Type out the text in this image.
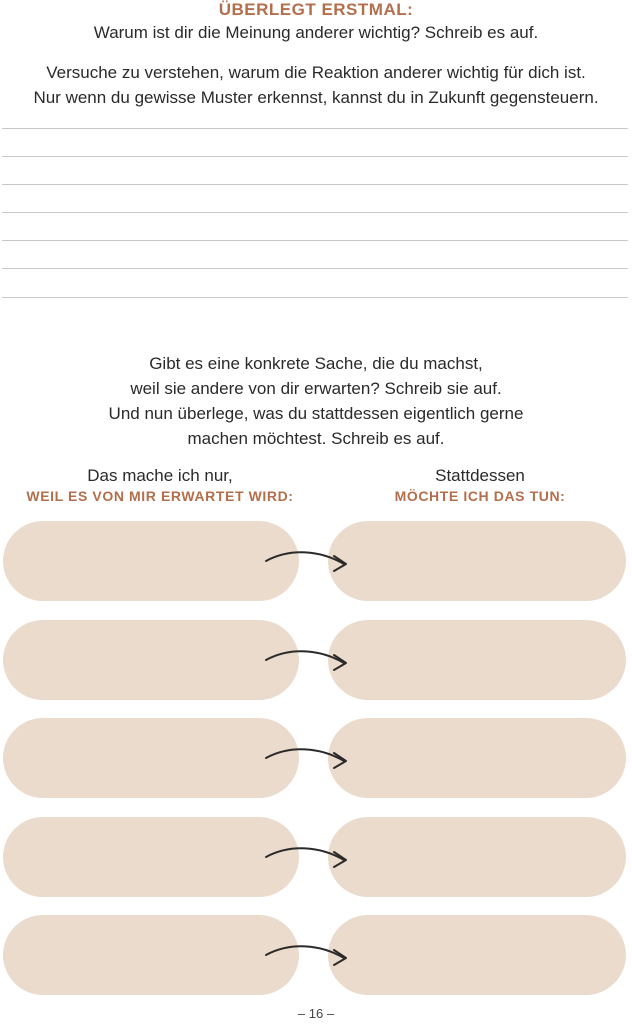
ÜBERLEGT ERSTMAL:
Warum ist dir die Meinung anderer wichtig? Schreib es auf.
Versuche zu verstehen, warum die Reaktion anderer wichtig für dich ist.
Nur wenn du gewisse Muster erkennst, kannst du in Zukunft gegensteuern.
Gibt es eine konkrete Sache, die du machst,
weil sie andere von dir erwarten? Schreib sie auf.
Und nun überlege, was du stattdessen eigentlich gerne
machen möchtest. Schreib es auf.
Das mache ich nur,
WEIL ES VON MIR ERWARTET WIRD:
Stattdessen
MÖCHTE ICH DAS TUN:
– 16 –
